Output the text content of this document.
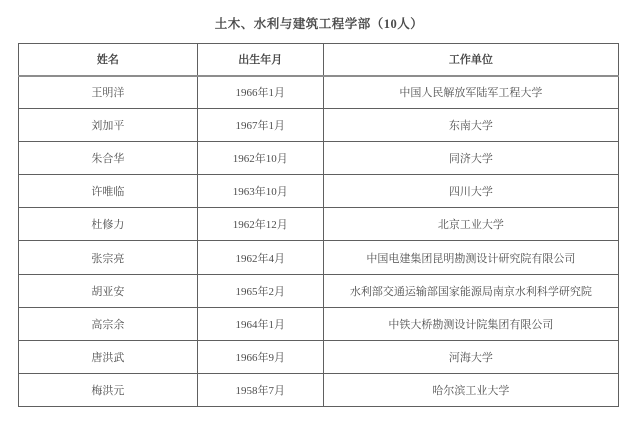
土木、水利与建筑工程学部（10人）
姓名	出生年月	工作单位
王明洋	1966年1月	中国人民解放军陆军工程大学
刘加平	1967年1月	东南大学
朱合华	1962年10月	同济大学
许唯临	1963年10月	四川大学
杜修力	1962年12月	北京工业大学
张宗亮	1962年4月	中国电建集团昆明勘测设计研究院有限公司
胡亚安	1965年2月	水利部交通运输部国家能源局南京水利科学研究院
高宗余	1964年1月	中铁大桥勘测设计院集团有限公司
唐洪武	1966年9月	河海大学
梅洪元	1958年7月	哈尔滨工业大学
